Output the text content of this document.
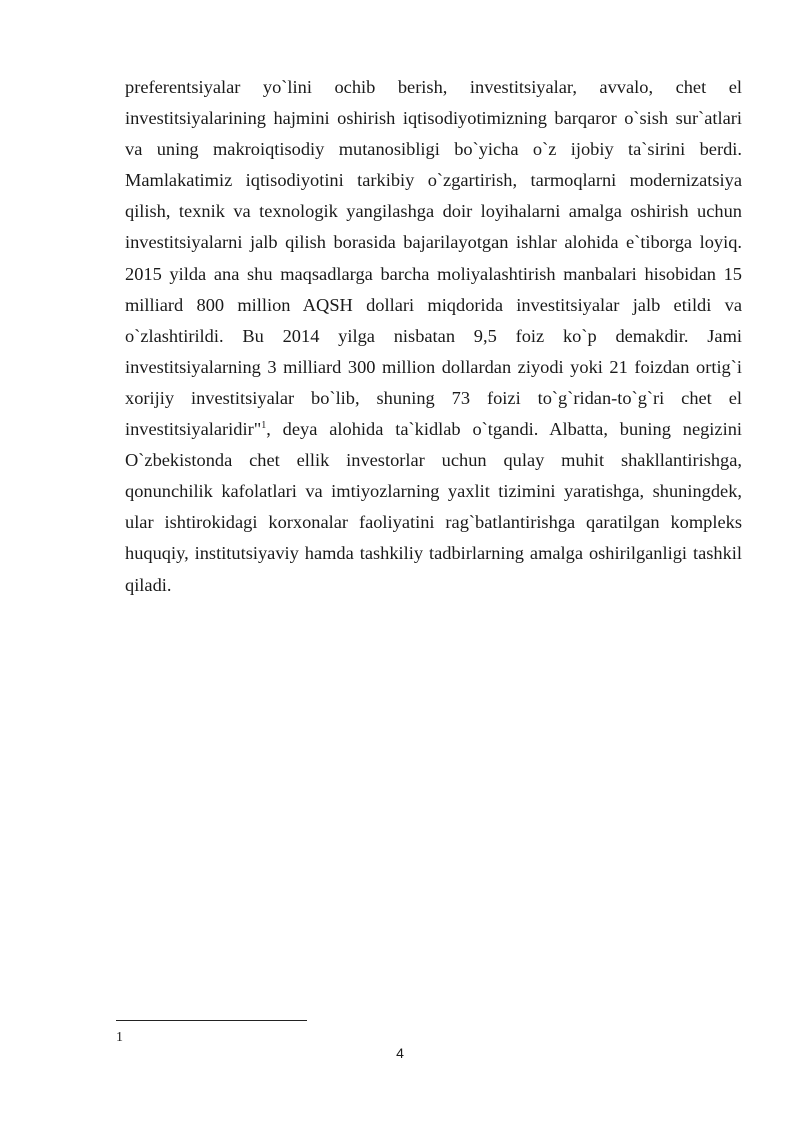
preferentsiyalar yo`lini ochib berish, investitsiyalar, avvalo, chet el investitsiyalarining hajmini oshirish iqtisodiyotimizning barqaror o`sish sur`atlari va uning makroiqtisodiy mutanosibligi bo`yicha o`z ijobiy ta`sirini berdi. Mamlakatimiz iqtisodiyotini tarkibiy o`zgartirish, tarmoqlarni modernizatsiya qilish, texnik va texnologik yangilashga doir loyihalarni amalga oshirish uchun investitsiyalarni jalb qilish borasida bajarilayotgan ishlar alohida e`tiborga loyiq. 2015 yilda ana shu maqsadlarga barcha moliyalashtirish manbalari hisobidan 15 milliard 800 million AQSH dollari miqdorida investitsiyalar jalb etildi va o`zlashtirildi. Bu 2014 yilga nisbatan 9,5 foiz ko`p demakdir. Jami investitsiyalarning 3 milliard 300 million dollardan ziyodi yoki 21 foizdan ortig`i xorijiy investitsiyalar bo`lib, shuning 73 foizi to`g`ridan-to`g`ri chet el investitsiyalaridir"$^1$, deya alohida ta`kidlab o`tgandi. Albatta, buning negizini O`zbekistonda chet ellik investorlar uchun qulay muhit shakllantirishga, qonunchilik kafolatlari va imtiyozlarning yaxlit tizimini yaratishga, shuningdek, ular ishtirokidagi korxonalar faoliyatini rag`batlantirishga qaratilgan kompleks huquqiy, institutsiyaviy hamda tashkiliy tadbirlarning amalga oshirilganligi tashkil qiladi.

1
4
